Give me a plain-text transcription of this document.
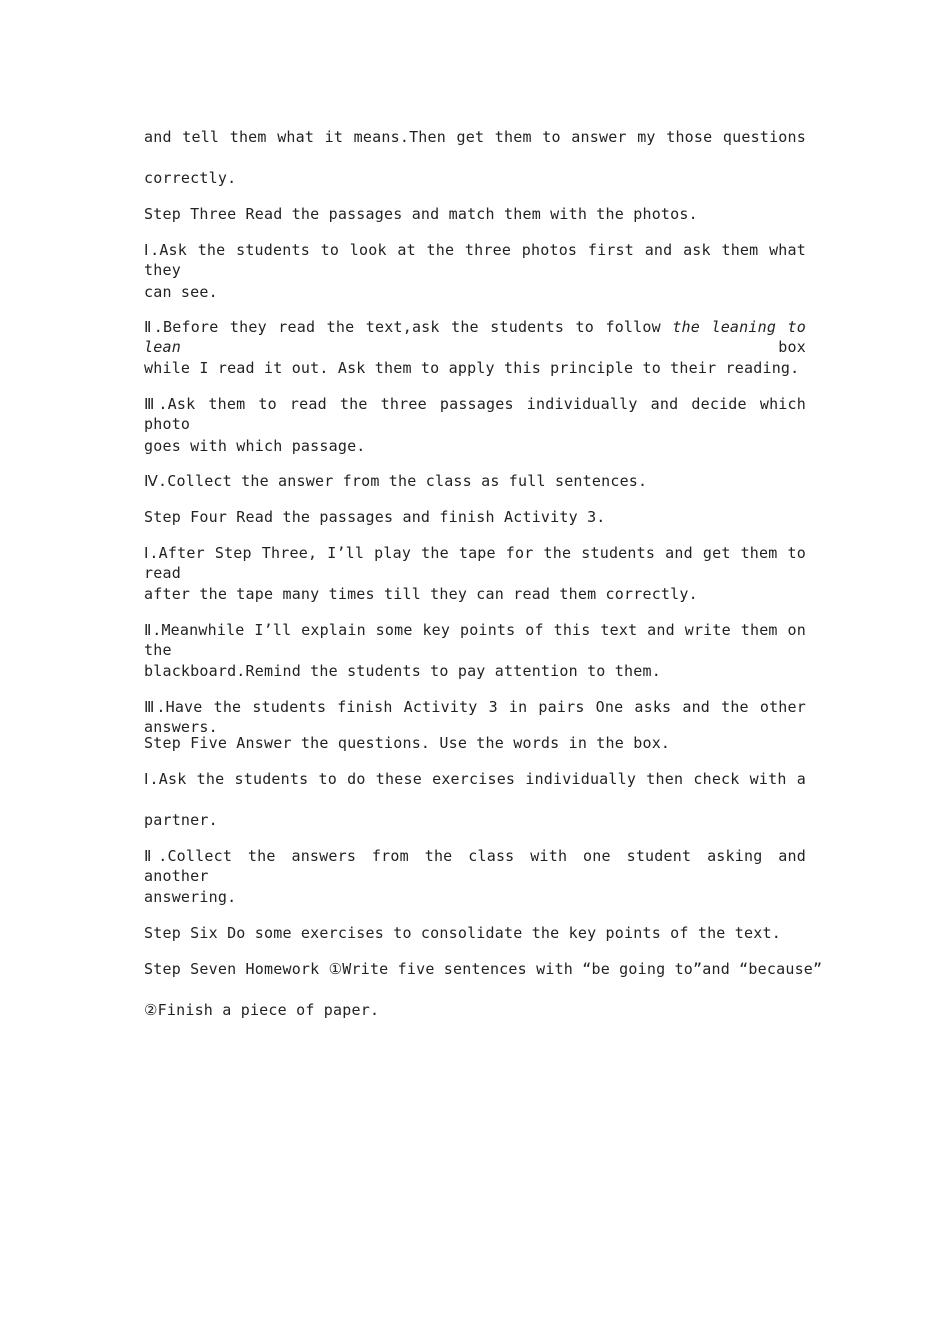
and tell them what it means.Then get them to answer my those questions
correctly.
Step Three Read the passages and match them with the photos.
Ⅰ.Ask the students to look at the three photos first and ask them what they
can see.
Ⅱ.Before they read the text,ask the students to follow the leaning to lean box
while I read it out. Ask them to apply this principle to their reading.
Ⅲ.Ask them to read the three passages individually and decide which photo
goes with which passage.
Ⅳ.Collect the answer from the class as full sentences.
Step Four Read the passages and finish Activity 3.
Ⅰ.After Step Three, I’ll play the tape for the students and get them to read
after the tape many times till they can read them correctly.
Ⅱ.Meanwhile I’ll explain some key points of this text and write them on the
blackboard.Remind the students to pay attention to them.
Ⅲ.Have the students finish Activity 3 in pairs One asks and the other answers.
Step Five Answer the questions. Use the words in the box.
Ⅰ.Ask the students to do these exercises individually then check with a
partner.
Ⅱ.Collect the answers from the class with one student asking and another
answering.
Step Six Do some exercises to consolidate the key points of the text.
Step Seven Homework ①Write five sentences with “be going to”and “because”
②Finish a piece of paper.
